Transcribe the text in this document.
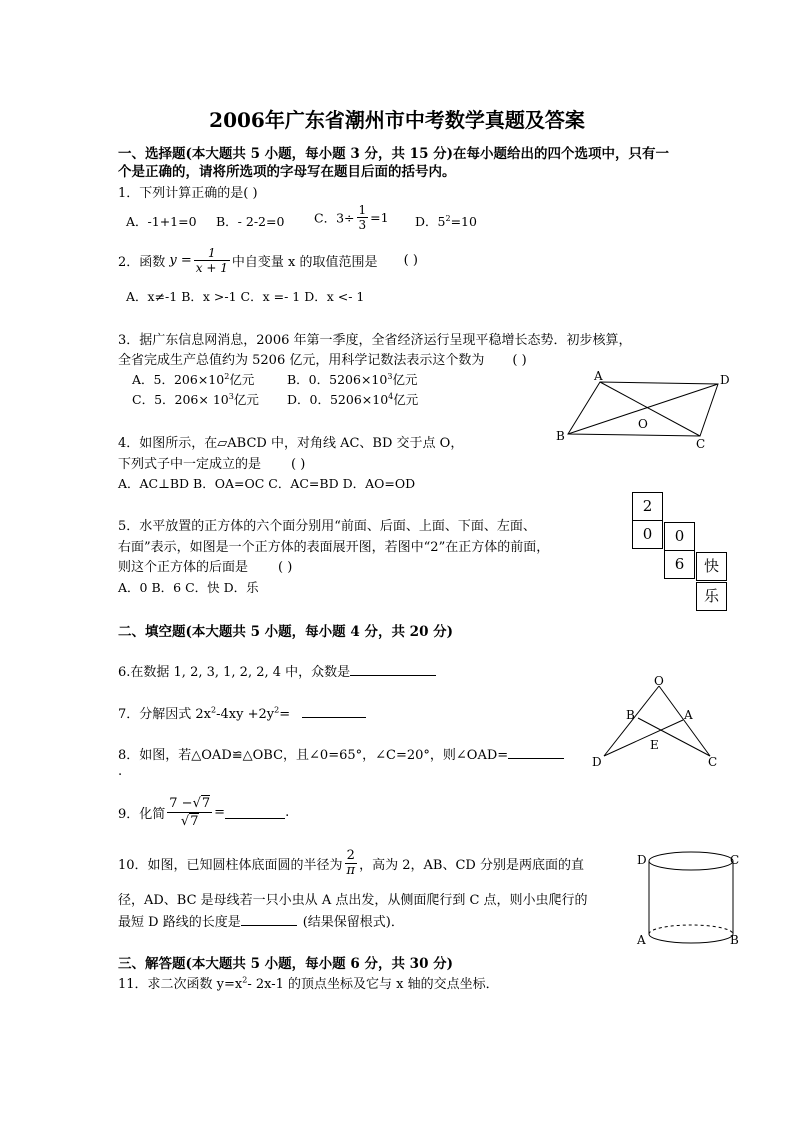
2006年广东省潮州市中考数学真题及答案
一、选择题(本大题共 5 小题，每小题 3 分，共 15 分)在每小题给出的四个选项中，只有一
个是正确的，请将所选项的字母写在题目后面的括号内。
1．下列计算正确的是( )
A．-1+1=0 B．- 2-2=0 C．$3\div \frac{1}{3} =1$ D．$5^2=10$
2．函数 $y = \frac{1}{x + 1}$ 中自变量 x 的取值范围是 ( )
A．x≠-1 B．x >-1 C．x =- 1 D．x <- 1
3．据广东信息网消息，2006 年第一季度，全省经济运行呈现平稳增长态势．初步核算，
全省完成生产总值约为 5206 亿元，用科学记数法表示这个数为 ( )
A．5．$206\times 10^2$亿元	B．0．$5206\times 10^3$亿元
C．5．$206\times 10^3$亿元 D．0．$5206\times 10^4$亿元
A	D
B
C
O
4．如图所示，在▱ABCD 中，对角线 AC、BD 交于点 O，
下列式子中一定成立的是 ( )
A．AC⊥BD B．OA=OC C．AC=BD D．AO=OD
2
0	0
6	快
乐
5．水平放置的正方体的六个面分别用“前面、后面、上面、下面、左面、
右面”表示，如图是一个正方体的表面展开图，若图中“2”在正方体的前面，
则这个正方体的后面是 ( )
A．0 B．6 C．快 D．乐
二、填空题(本大题共 5 小题，每小题 4 分，共 20 分)
6.在数据 1, 2, 3, 1, 2, 2, 4 中，众数是
7．分解因式 $2x^2-4xy +2y^2=$
O
B	A
E
D	C
8．如图，若△OAD≌△OBC，且∠0=65°，∠C=20°，则∠OAD=
.
9．化简 $\frac{7 -√7}{√7}$ =	.
D	C
A	B
10．如图，已知圆柱体底面圆的半径为 $\frac{2}{\pi}$ ，高为 2，AB、CD 分别是两底面的直
径，AD、BC 是母线若一只小虫从 A 点出发，从侧面爬行到 C 点，则小虫爬行的
最短 D 路线的长度是	(结果保留根式)．
三、解答题(本大题共 5 小题，每小题 6 分，共 30 分)
11．求二次函数 $y=x^2-$ 2x-1 的顶点坐标及它与 x 轴的交点坐标．
